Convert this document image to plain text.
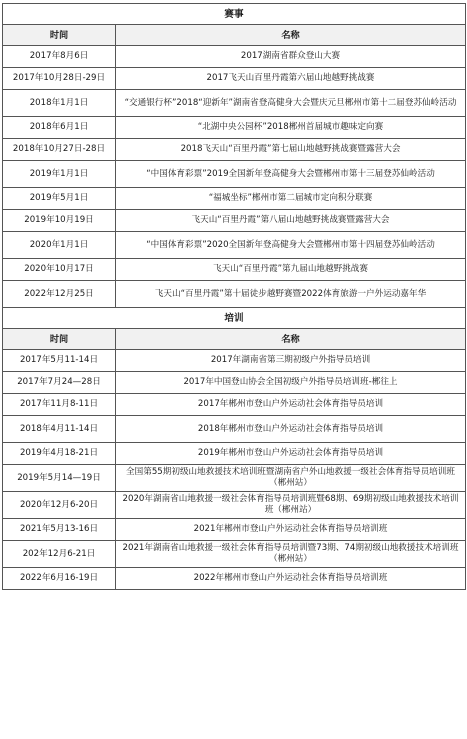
赛事	
时间	名称
2017年8月6日	2017湖南省群众登山大赛
2017年10月28日-29日	2017飞天山百里丹霞第六届山地越野挑战赛
2018年1月1日	“交通银行杯”2018“迎新年”湖南省登高健身大会暨庆元旦郴州市第十二届登苏仙岭活动
2018年6月1日	“北湖中央公园杯”2018郴州首届城市趣味定向赛
2018年10月27日-28日	2018飞天山“百里丹霞”第七届山地越野挑战赛暨露营大会
2019年1月1日	“中国体育彩票”2019全国新年登高健身大会暨郴州市第十三届登苏仙岭活动
2019年5月1日	“福城坐标”郴州市第二届城市定向积分联赛
2019年10月19日	飞天山“百里丹霞”第八届山地越野挑战赛暨露营大会
2020年1月1日	“中国体育彩票”2020全国新年登高健身大会暨郴州市第十四届登苏仙岭活动
2020年10月17日	飞天山“百里丹霞”第九届山地越野挑战赛
2022年12月25日	飞天山“百里丹霞”第十届徒步越野赛暨2022体育旅游一户外运动嘉年华
培训	
时间	名称
2017年5月11-14日	2017年湖南省第三期初级户外指导员培训
2017年7月24—28日	2017年中国登山协会全国初级户外指导员培训班-郴往上
2017年11月8-11日	2017年郴州市登山户外运动社会体育指导员培训
2018年4月11-14日	2018年郴州市登山户外运动社会体育指导员培训
2019年4月18-21日	2019年郴州市登山户外运动社会体育指导员培训
2019年5月14—19日	全国第55期初级山地救援技术培训班暨湖南省户外山地救援一级社会体育指导员培训班（郴州站）
2020年12月6-20日	2020年湖南省山地救援一级社会体育指导员培训班暨68期、69期初级山地救援技术培训班（郴州站）
2021年5月13-16日	2021年郴州市登山户外运动社会体育指导员培训班
202年12月6-21日	2021年湖南省山地救援一级社会体育指导员培训暨73期、74期初级山地救援技术培训班（郴州站）
2022年6月16-19日	2022年郴州市登山户外运动社会体育指导员培训班
